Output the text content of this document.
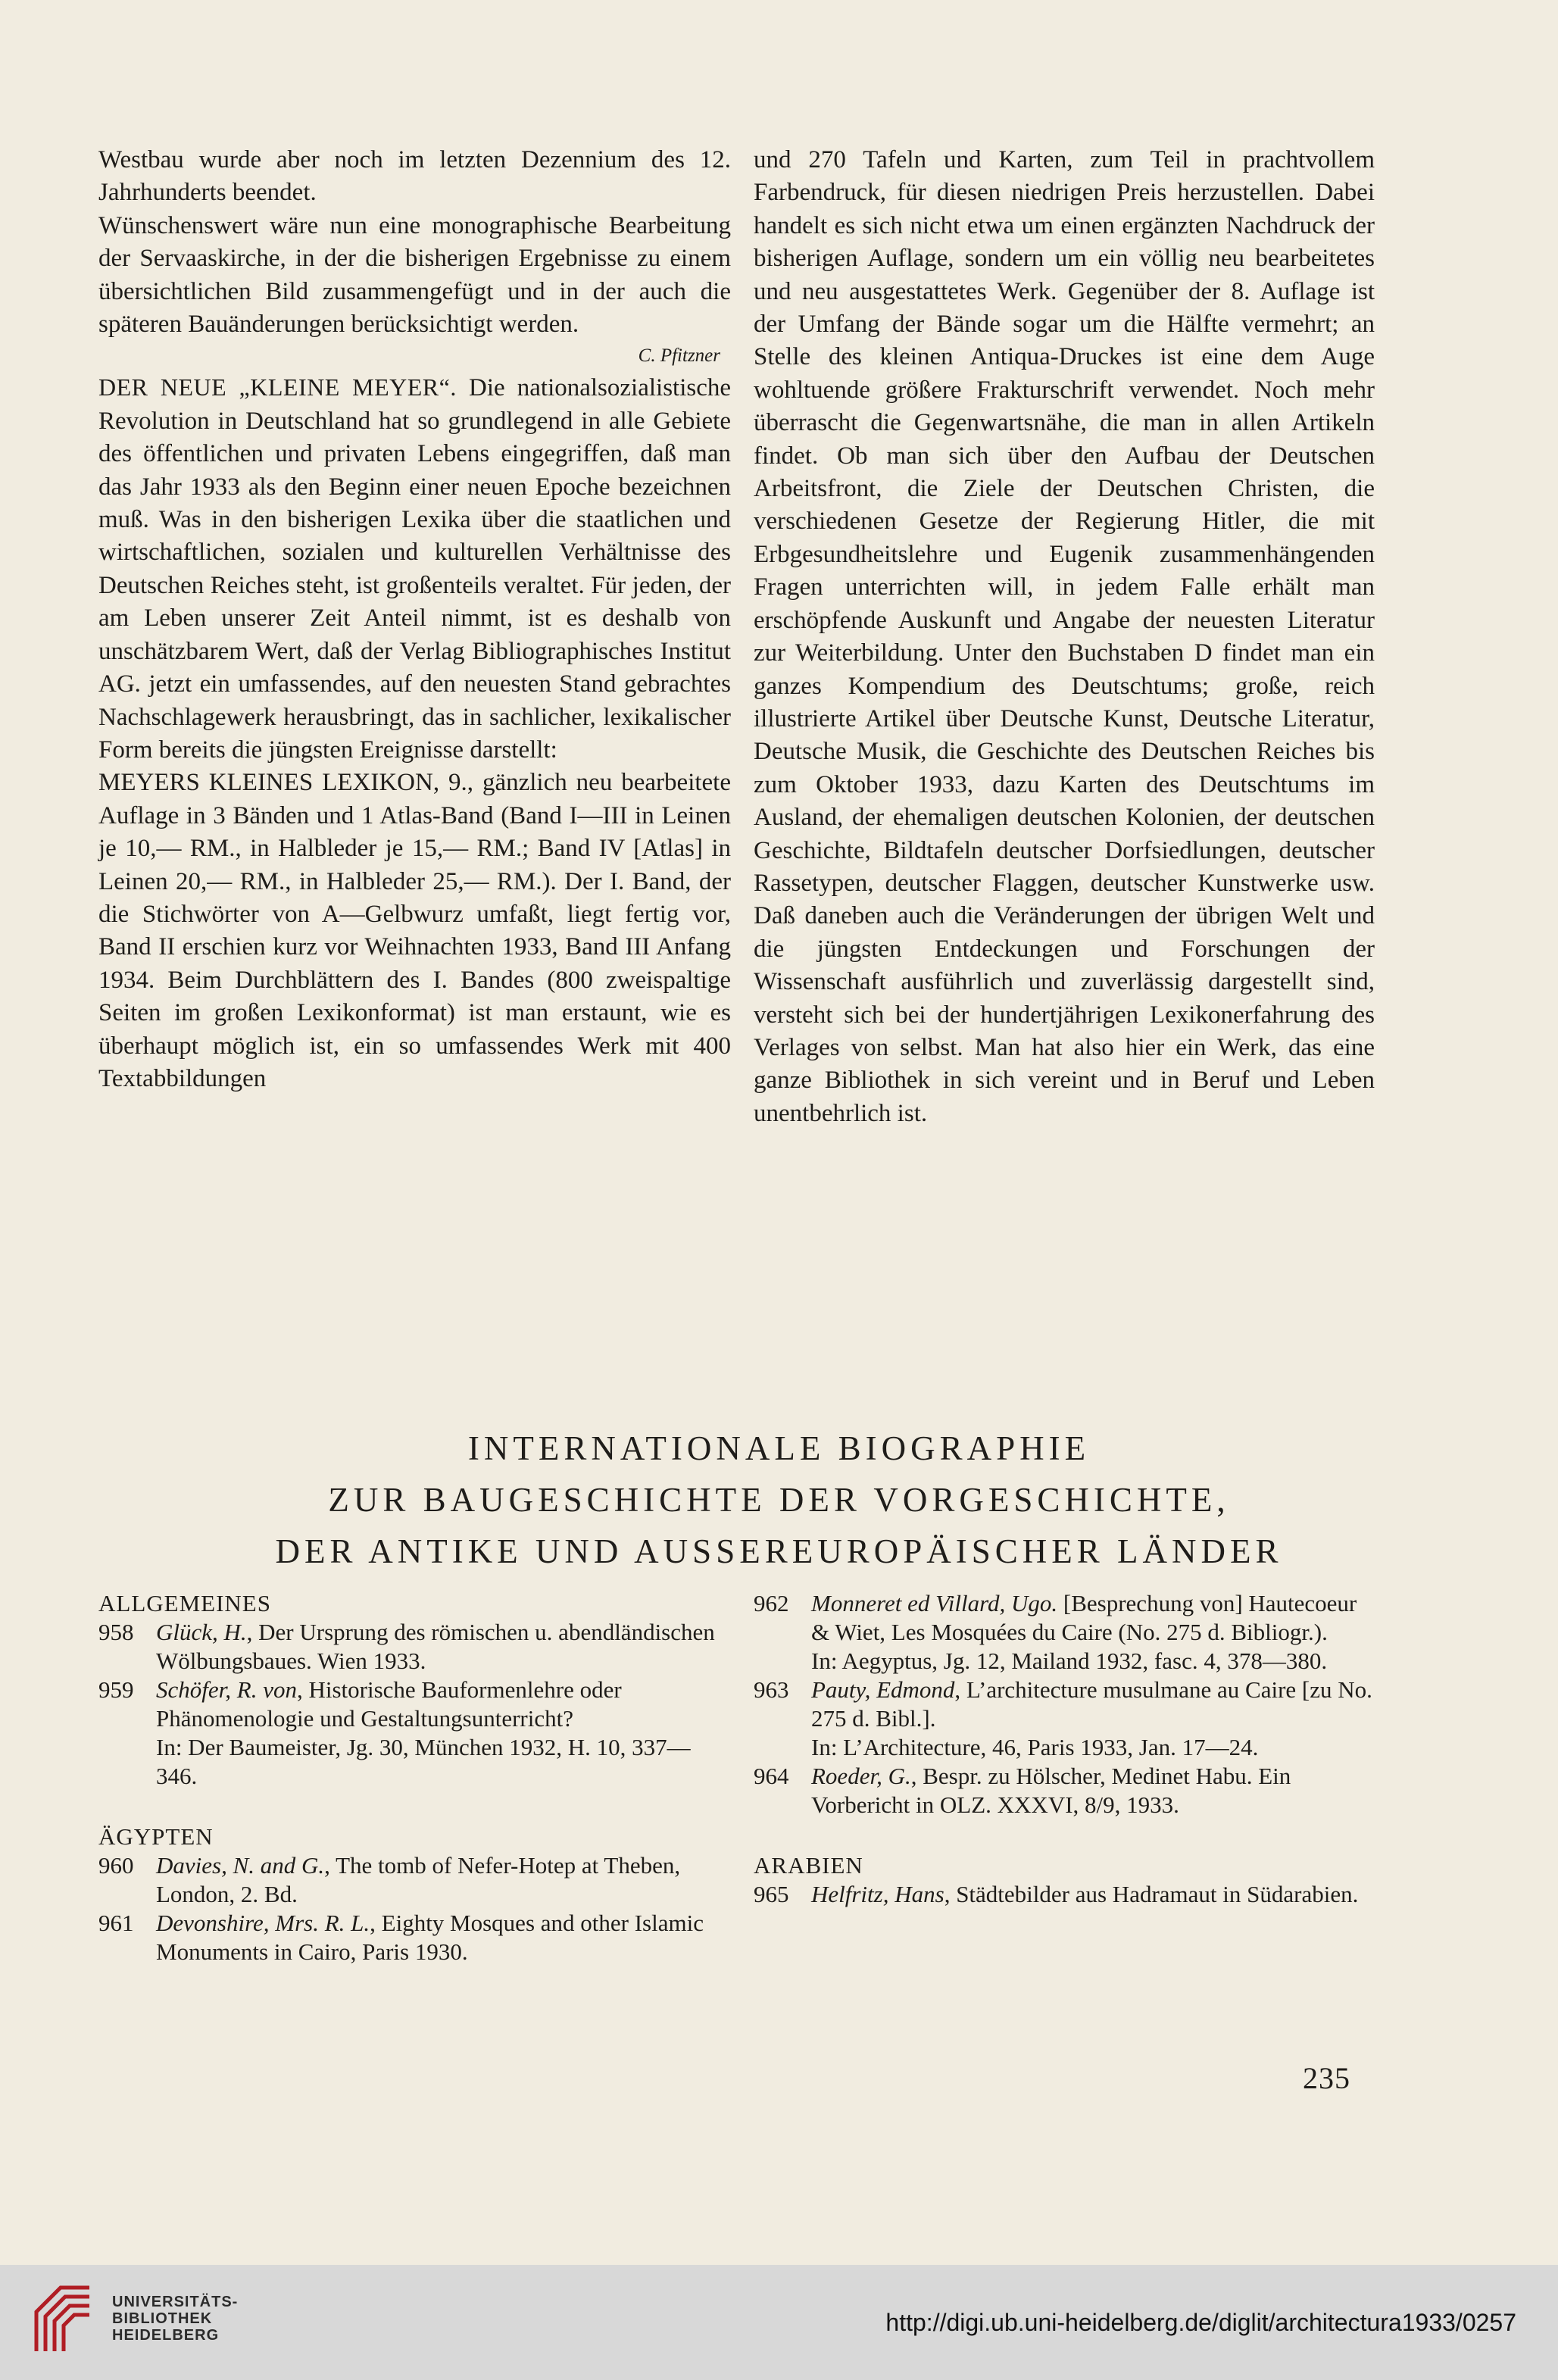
Westbau wurde aber noch im letzten Dezennium des 12. Jahrhunderts beendet.

Wünschenswert wäre nun eine monographische Bearbeitung der Servaaskirche, in der die bisherigen Ergebnisse zu einem übersichtlichen Bild zusammengefügt und in der auch die späteren Bauänderungen berücksichtigt werden.

C. Pfitzner

DER NEUE „KLEINE MEYER“. Die nationalsozialistische Revolution in Deutschland hat so grundlegend in alle Gebiete des öffentlichen und privaten Lebens eingegriffen, daß man das Jahr 1933 als den Beginn einer neuen Epoche bezeichnen muß. Was in den bisherigen Lexika über die staatlichen und wirtschaftlichen, sozialen und kulturellen Verhältnisse des Deutschen Reiches steht, ist großenteils veraltet. Für jeden, der am Leben unserer Zeit Anteil nimmt, ist es deshalb von unschätzbarem Wert, daß der Verlag Bibliographisches Institut AG. jetzt ein umfassendes, auf den neuesten Stand gebrachtes Nachschlagewerk herausbringt, das in sachlicher, lexikalischer Form bereits die jüngsten Ereignisse darstellt:

MEYERS KLEINES LEXIKON, 9., gänzlich neu bearbeitete Auflage in 3 Bänden und 1 Atlas-Band (Band I—III in Leinen je 10,— RM., in Halbleder je 15,— RM.; Band IV [Atlas] in Leinen 20,— RM., in Halbleder 25,— RM.). Der I. Band, der die Stichwörter von A—Gelbwurz umfaßt, liegt fertig vor, Band II erschien kurz vor Weihnachten 1933, Band III Anfang 1934. Beim Durchblättern des I. Bandes (800 zweispaltige Seiten im großen Lexikonformat) ist man erstaunt, wie es überhaupt möglich ist, ein so umfassendes Werk mit 400 Textabbildungen

und 270 Tafeln und Karten, zum Teil in prachtvollem Farbendruck, für diesen niedrigen Preis herzustellen. Dabei handelt es sich nicht etwa um einen ergänzten Nachdruck der bisherigen Auflage, sondern um ein völlig neu bearbeitetes und neu ausgestattetes Werk. Gegenüber der 8. Auflage ist der Umfang der Bände sogar um die Hälfte vermehrt; an Stelle des kleinen Antiqua-Druckes ist eine dem Auge wohltuende größere Frakturschrift verwendet. Noch mehr überrascht die Gegenwartsnähe, die man in allen Artikeln findet. Ob man sich über den Aufbau der Deutschen Arbeitsfront, die Ziele der Deutschen Christen, die verschiedenen Gesetze der Regierung Hitler, die mit Erbgesundheitslehre und Eugenik zusammenhängenden Fragen unterrichten will, in jedem Falle erhält man erschöpfende Auskunft und Angabe der neuesten Literatur zur Weiterbildung. Unter den Buchstaben D findet man ein ganzes Kompendium des Deutschtums; große, reich illustrierte Artikel über Deutsche Kunst, Deutsche Literatur, Deutsche Musik, die Geschichte des Deutschen Reiches bis zum Oktober 1933, dazu Karten des Deutschtums im Ausland, der ehemaligen deutschen Kolonien, der deutschen Geschichte, Bildtafeln deutscher Dorfsiedlungen, deutscher Rassetypen, deutscher Flaggen, deutscher Kunstwerke usw. Daß daneben auch die Veränderungen der übrigen Welt und die jüngsten Entdeckungen und Forschungen der Wissenschaft ausführlich und zuverlässig dargestellt sind, versteht sich bei der hundertjährigen Lexikonerfahrung des Verlages von selbst. Man hat also hier ein Werk, das eine ganze Bibliothek in sich vereint und in Beruf und Leben unentbehrlich ist.

INTERNATIONALE BIOGRAPHIE

ZUR BAUGESCHICHTE DER VORGESCHICHTE,

DER ANTIKE UND AUSSEREUROPÄISCHER LÄNDER

ALLGEMEINES

958 Glück, H., Der Ursprung des römischen u. abendländischen Wölbungsbaues. Wien 1933.
959 Schöfer, R. von, Historische Bauformenlehre oder Phänomenologie und Gestaltungsunterricht?
In: Der Baumeister, Jg. 30, München 1932, H. 10, 337—346.

ÄGYPTEN

960 Davies, N. and G., The tomb of Nefer-Hotep at Theben, London, 2. Bd.
961 Devonshire, Mrs. R. L., Eighty Mosques and other Islamic Monuments in Cairo, Paris 1930.
962 Monneret ed Villard, Ugo. [Besprechung von] Hautecoeur & Wiet, Les Mosquées du Caire (No. 275 d. Bibliogr.).
In: Aegyptus, Jg. 12, Mailand 1932, fasc. 4, 378—380.
963 Pauty, Edmond, L’architecture musulmane au Caire [zu No. 275 d. Bibl.].
In: L’Architecture, 46, Paris 1933, Jan. 17—24.
964 Roeder, G., Bespr. zu Hölscher, Medinet Habu. Ein Vorbericht in OLZ. XXXVI, 8/9, 1933.

ARABIEN

965 Helfritz, Hans, Städtebilder aus Hadramaut in Südarabien.
235
UNIVERSITÄTS-
BIBLIOTHEK
HEIDELBERG	http://digi.ub.uni-heidelberg.de/diglit/architectura1933/0257
